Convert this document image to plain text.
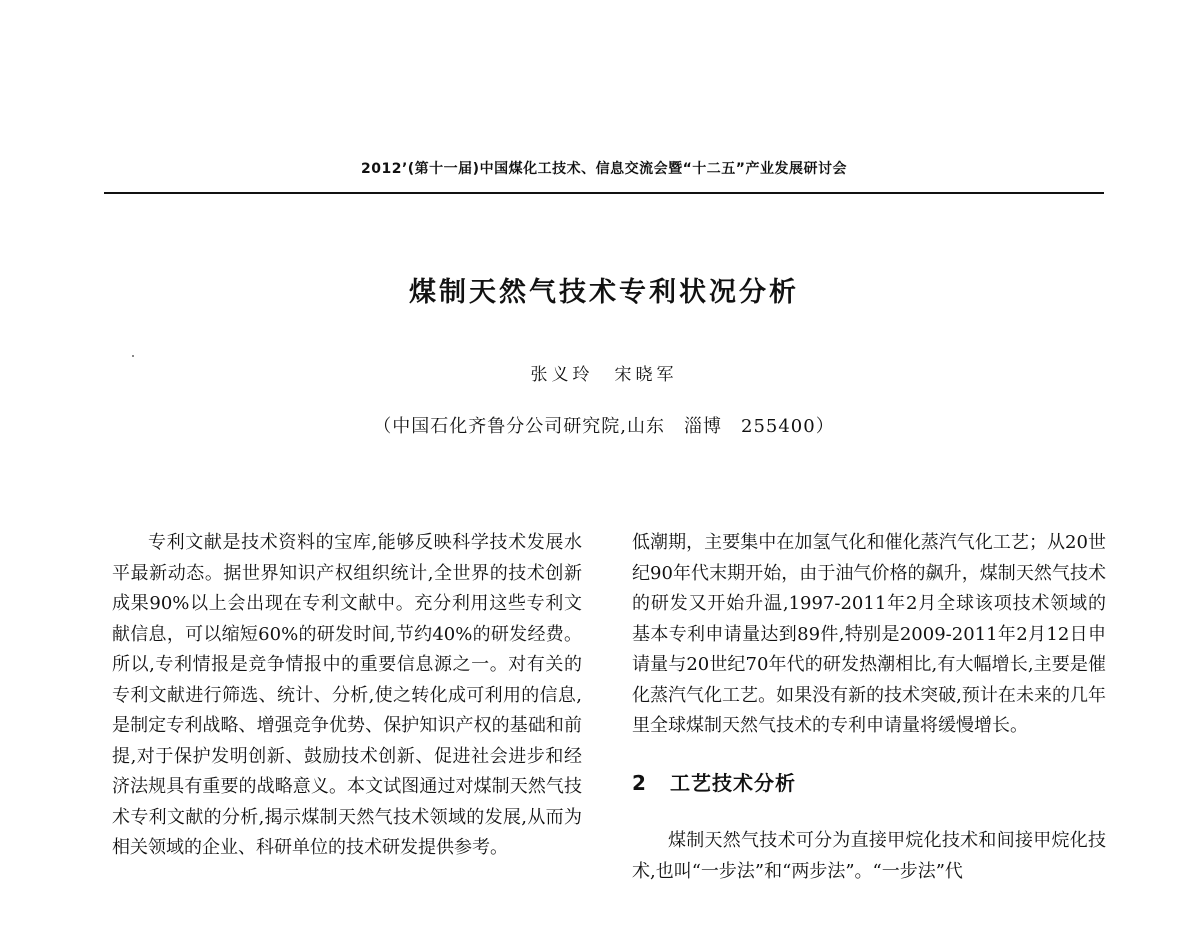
2012’(第十一届)中国煤化工技术、信息交流会暨“十二五”产业发展研讨会
煤制天然气技术专利状况分析
张义玲　宋晓军
（中国石化齐鲁分公司研究院,山东　淄博　255400）

专利文献是技术资料的宝库,能够反映科学技术发展水平最新动态。据世界知识产权组织统计,全世界的技术创新成果90%以上会出现在专利文献中。充分利用这些专利文献信息，可以缩短60%的研发时间,节约40%的研发经费。所以,专利情报是竞争情报中的重要信息源之一。对有关的专利文献进行筛选、统计、分析,使之转化成可利用的信息,是制定专利战略、增强竞争优势、保护知识产权的基础和前提,对于保护发明创新、鼓励技术创新、促进社会进步和经济法规具有重要的战略意义。本文试图通过对煤制天然气技术专利文献的分析,揭示煤制天然气技术领域的发展,从而为相关领域的企业、科研单位的技术研发提供参考。

低潮期，主要集中在加氢气化和催化蒸汽气化工艺；从20世纪90年代末期开始，由于油气价格的飙升，煤制天然气技术的研发又开始升温,1997-2011年2月全球该项技术领域的基本专利申请量达到89件,特别是2009-2011年2月12日申请量与20世纪70年代的研发热潮相比,有大幅增长,主要是催化蒸汽气化工艺。如果没有新的技术突破,预计在未来的几年里全球煤制天然气技术的专利申请量将缓慢增长。

2 工艺技术分析

煤制天然气技术可分为直接甲烷化技术和间接甲烷化技术,也叫“一步法”和“两步法”。“一步法”代
